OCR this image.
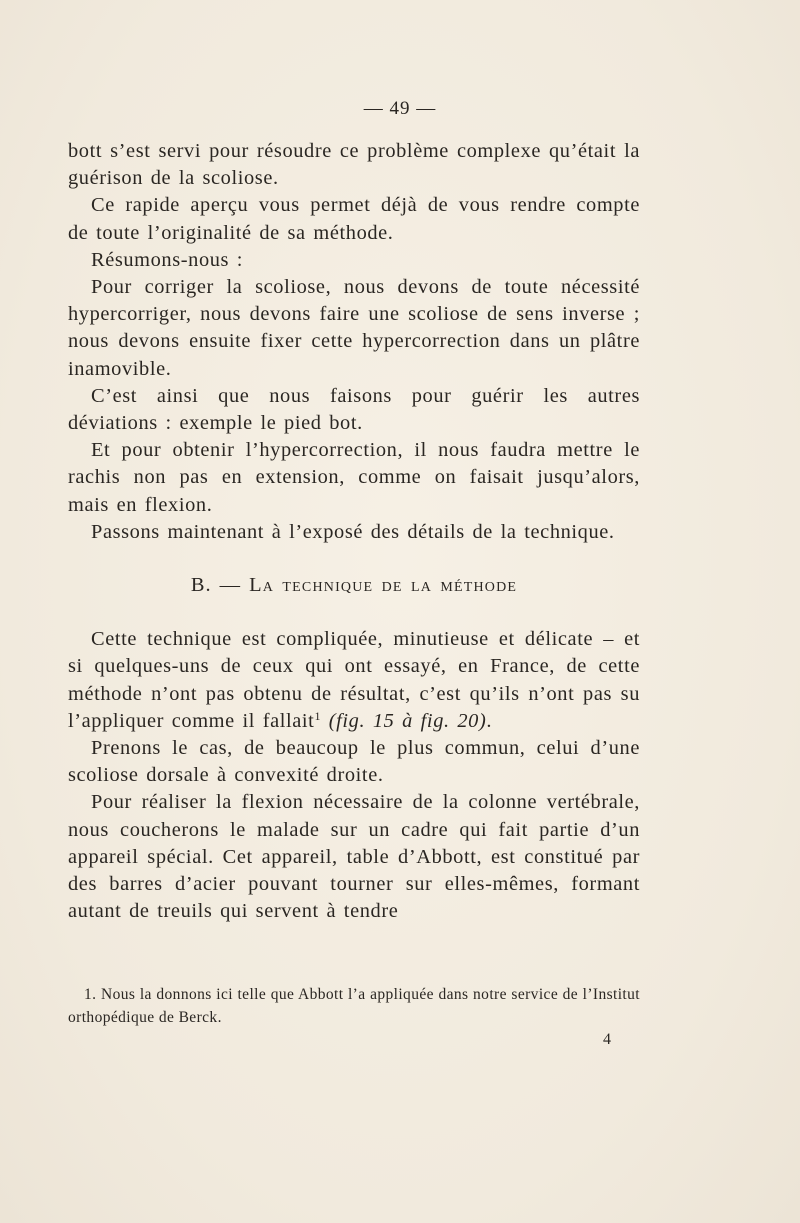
— 49 —

bott s’est servi pour résoudre ce problème complexe qu’était la guérison de la scoliose.

Ce rapide aperçu vous permet déjà de vous rendre compte de toute l’originalité de sa méthode.

Résumons-nous :

Pour corriger la scoliose, nous devons de toute nécessité hypercorriger, nous devons faire une scoliose de sens inverse ; nous devons ensuite fixer cette hypercorrection dans un plâtre inamovible.

C’est ainsi que nous faisons pour guérir les autres déviations : exemple le pied bot.

Et pour obtenir l’hypercorrection, il nous faudra mettre le rachis non pas en extension, comme on faisait jusqu’alors, mais en flexion.

Passons maintenant à l’exposé des détails de la technique.

B. — La technique de la méthode

Cette technique est compliquée, minutieuse et délicate – et si quelques-uns de ceux qui ont essayé, en France, de cette méthode n’ont pas obtenu de résultat, c’est qu’ils n’ont pas su l’appliquer comme il fallait$^1$ (fig. 15 à fig. 20).

Prenons le cas, de beaucoup le plus commun, celui d’une scoliose dorsale à convexité droite.

Pour réaliser la flexion nécessaire de la colonne vertébrale, nous coucherons le malade sur un cadre qui fait partie d’un appareil spécial. Cet appareil, table d’Abbott, est constitué par des barres d’acier pouvant tourner sur elles-mêmes, formant autant de treuils qui servent à tendre

1. Nous la donnons ici telle que Abbott l’a appliquée dans notre service de l’Institut orthopédique de Berck.

4
